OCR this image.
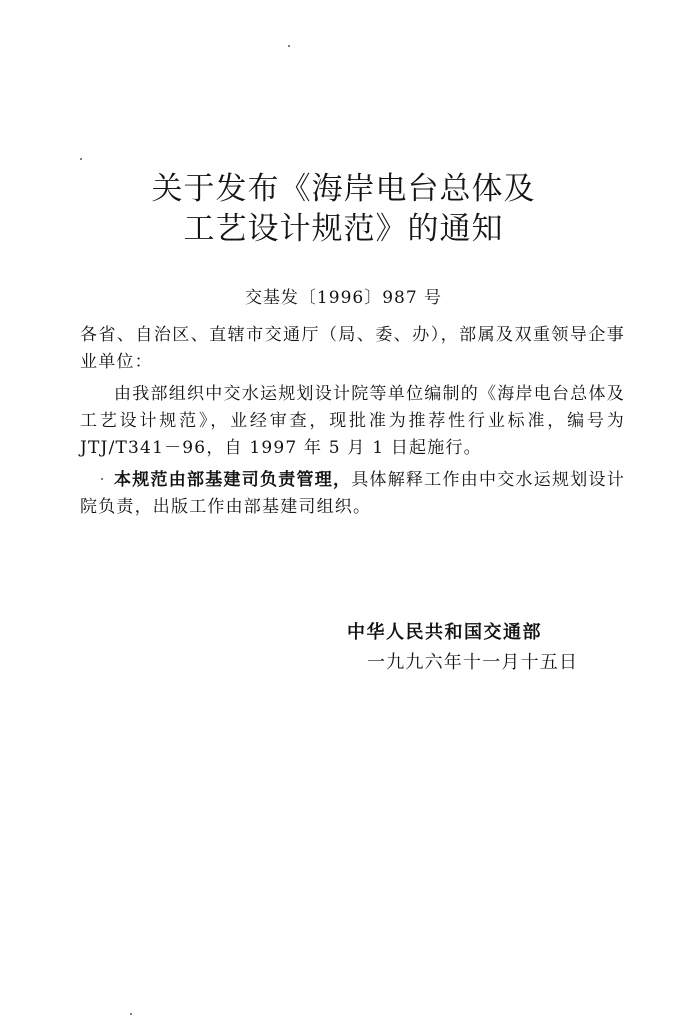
关于发布《海岸电台总体及
工艺设计规范》的通知
交基发〔1996〕987 号
各省、自治区、直辖市交通厅（局、委、办），部属及双重领导企事业单位：
由我部组织中交水运规划设计院等单位编制的《海岸电台总体及工艺设计规范》，业经审查，现批准为推荐性行业标准，编号为JTJ/T341－96，自 1997 年 5 月 1 日起施行。
本规范由部基建司负责管理，具体解释工作由中交水运规划设计院负责，出版工作由部基建司组织。
中华人民共和国交通部
一九九六年十一月十五日
